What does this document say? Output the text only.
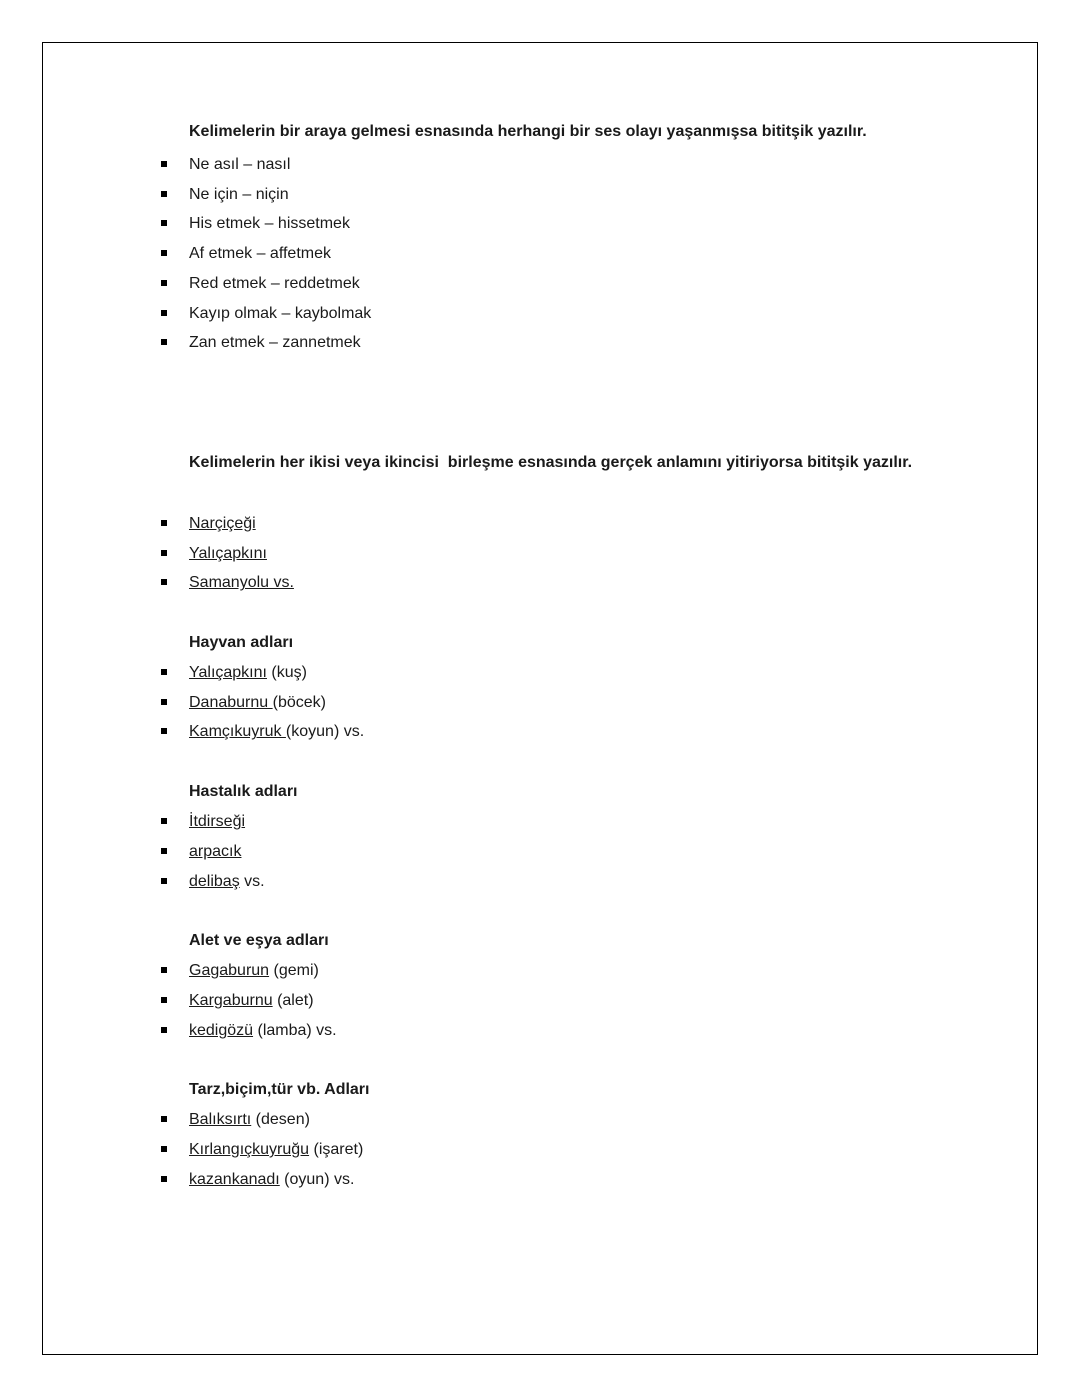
Kelimelerin bir araya gelmesi esnasında herhangi bir ses olayı yaşanmışsa bititşik yazılır.

Ne asıl – nasıl
Ne için – niçin
His etmek – hissetmek
Af etmek – affetmek
Red etmek – reddetmek
Kayıp olmak – kaybolmak
Zan etmek – zannetmek

Kelimelerin her ikisi veya ikincisi  birleşme esnasında gerçek anlamını yitiriyorsa bititşik yazılır.

Narçiçeği
Yalıçapkını
Samanyolu vs.

Hayvan adları

Yalıçapkını (kuş)
Danaburnu (böcek)
Kamçıkuyruk (koyun) vs.

Hastalık adları

İtdirseği
arpacık
delibaş vs.

Alet ve eşya adları

Gagaburun (gemi)
Kargaburnu (alet)
kedigözü (lamba) vs.

Tarz,biçim,tür vb. Adları

Balıksırtı (desen)
Kırlangıçkuyruğu (işaret)
kazankanadı (oyun) vs.
